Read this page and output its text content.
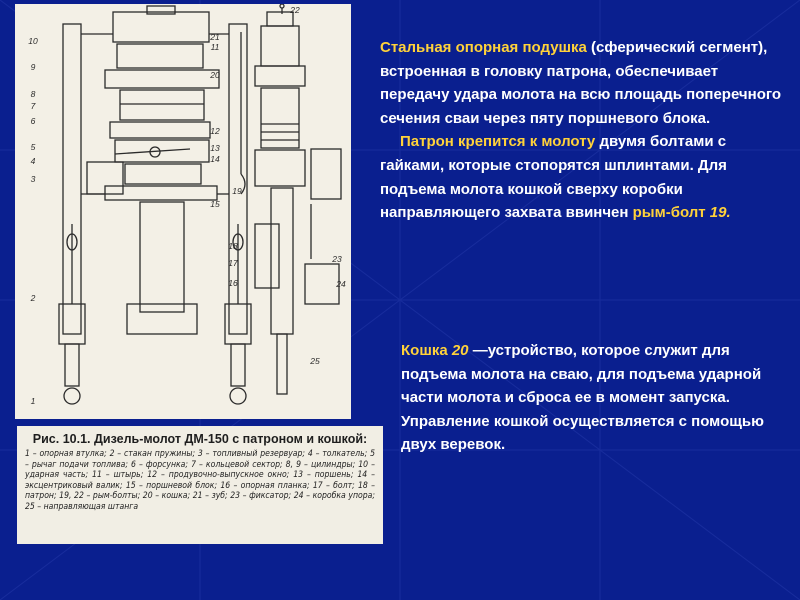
10
9
8
7
6
5
4
3
2
1
11
12
13
14
15
22
21
20
19
18
17
16
23
24
25
Рис. 10.1. Дизель-молот ДМ-150 с патроном и кошкой:
1 – опорная втулка; 2 – стакан пружины; 3 – топливный резервуар; 4 – толкатель; 5 – рычаг подачи топлива; 6 – форсунка; 7 – кольцевой сектор; 8, 9 – цилиндры; 10 – ударная часть; 11 – штырь; 12 – продувочно-выпускное окно; 13 – поршень; 14 – эксцентриковый валик; 15 – поршневой блок; 16 – опорная планка; 17 – болт; 18 – патрон; 19, 22 – рым-болты; 20 – кошка; 21 – зуб; 23 – фиксатор; 24 – коробка упора; 25 – направляющая штанга
Стальная опорная подушка (сферический сегмент), встроенная в головку патрона, обеспечивает передачу удара молота на всю площадь поперечного сечения сваи через пяту поршневого блока.
Патрон крепится к молоту двумя болтами с гайками, которые стопорятся шплинтами. Для подъема молота кошкой сверху коробки направляющего захвата ввинчен рым-болт 19.
Кошка 20 —устройство, которое служит для подъема молота на сваю, для подъема ударной части молота и сброса ее в момент запуска. Управление кошкой осуществляется с помощью двух веревок.
